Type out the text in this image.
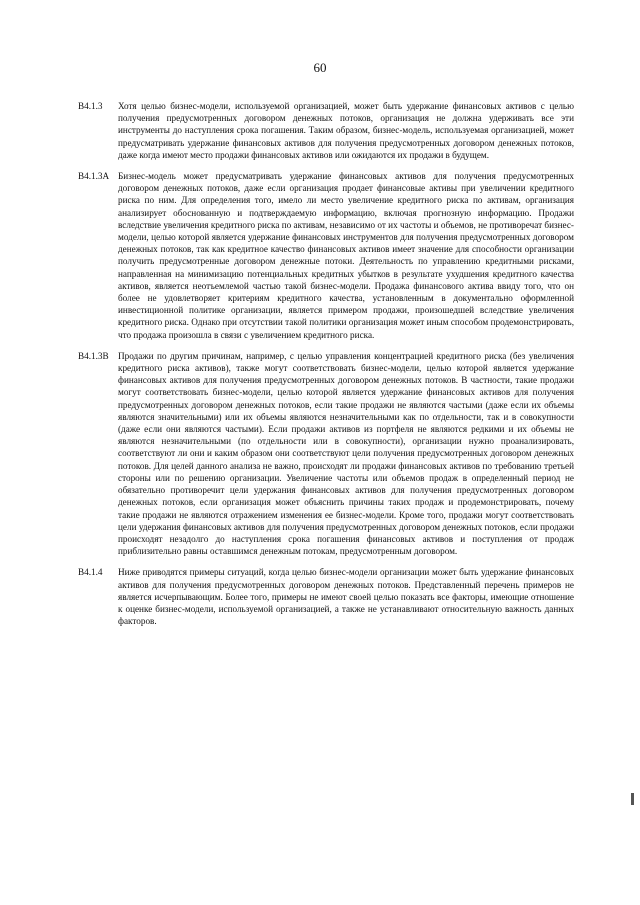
60
B4.1.3	Хотя целью бизнес-модели, используемой организацией, может быть удержание финансовых активов с целью получения предусмотренных договором денежных потоков, организация не должна удерживать все эти инструменты до наступления срока погашения. Таким образом, бизнес-модель, используемая организацией, может предусматривать удержание финансовых активов для получения предусмотренных договором денежных потоков, даже когда имеют место продажи финансовых активов или ожидаются их продажи в будущем.
B4.1.3A Бизнес-модель может предусматривать удержание финансовых активов для получения предусмотренных договором денежных потоков, даже если организация продает финансовые активы при увеличении кредитного риска по ним. Для определения того, имело ли место увеличение кредитного риска по активам, организация анализирует обоснованную и подтверждаемую информацию, включая прогнозную информацию. Продажи вследствие увеличения кредитного риска по активам, независимо от их частоты и объемов, не противоречат бизнес-модели, целью которой является удержание финансовых инструментов для получения предусмотренных договором денежных потоков, так как кредитное качество финансовых активов имеет значение для способности организации получить предусмотренные договором денежные потоки. Деятельность по управлению кредитными рисками, направленная на минимизацию потенциальных кредитных убытков в результате ухудшения кредитного качества активов, является неотъемлемой частью такой бизнес-модели. Продажа финансового актива ввиду того, что он более не удовлетворяет критериям кредитного качества, установленным в документально оформленной инвестиционной политике организации, является примером продажи, произошедшей вследствие увеличения кредитного риска. Однако при отсутствии такой политики организация может иным способом продемонстрировать, что продажа произошла в связи с увеличением кредитного риска.
B4.1.3B	Продажи по другим причинам, например, с целью управления концентрацией кредитного риска (без увеличения кредитного риска активов), также могут соответствовать бизнес-модели, целью которой является удержание финансовых активов для получения предусмотренных договором денежных потоков. В частности, такие продажи могут соответствовать бизнес-модели, целью которой является удержание финансовых активов для получения предусмотренных договором денежных потоков, если такие продажи не являются частыми (даже если их объемы являются значительными) или их объемы являются незначительными как по отдельности, так и в совокупности (даже если они являются частыми). Если продажи активов из портфеля не являются редкими и их объемы не являются незначительными (по отдельности или в совокупности), организации нужно проанализировать, соответствуют ли они и каким образом они соответствуют цели получения предусмотренных договором денежных потоков. Для целей данного анализа не важно, происходят ли продажи финансовых активов по требованию третьей стороны или по решению организации. Увеличение частоты или объемов продаж в определенный период не обязательно противоречит цели удержания финансовых активов для получения предусмотренных договором денежных потоков, если организация может объяснить причины таких продаж и продемонстрировать, почему такие продажи не являются отражением изменения ее бизнес-модели. Кроме того, продажи могут соответствовать цели удержания финансовых активов для получения предусмотренных договором денежных потоков, если продажи происходят незадолго до наступления срока погашения финансовых активов и поступления от продаж приблизительно равны оставшимся денежным потокам, предусмотренным договором.
B4.1.4	Ниже приводятся примеры ситуаций, когда целью бизнес-модели организации может быть удержание финансовых активов для получения предусмотренных договором денежных потоков. Представленный перечень примеров не является исчерпывающим. Более того, примеры не имеют своей целью показать все факторы, имеющие отношение к оценке бизнес-модели, используемой организацией, а также не устанавливают относительную важность данных факторов.
